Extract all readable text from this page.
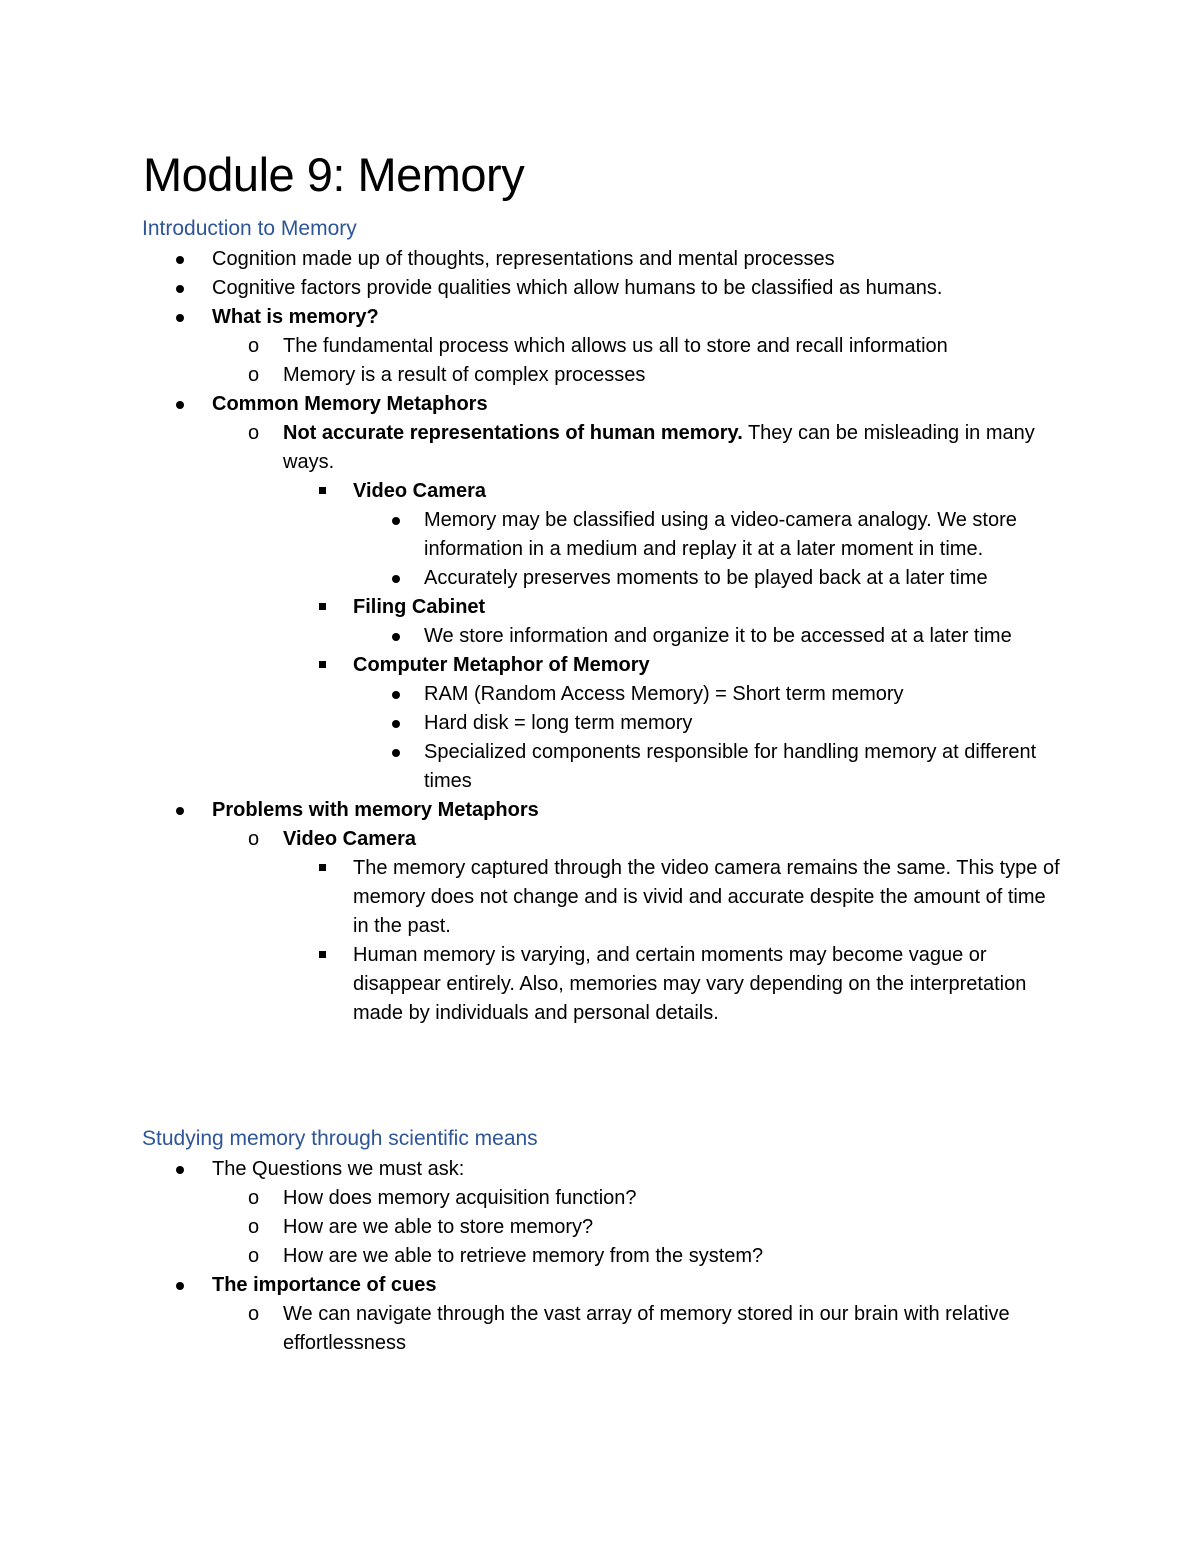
Module 9: Memory
Introduction to Memory
Cognition made up of thoughts, representations and mental processes
Cognitive factors provide qualities which allow humans to be classified as humans.
What is memory?
o The fundamental process which allows us all to store and recall information
o Memory is a result of complex processes
Common Memory Metaphors
o Not accurate representations of human memory. They can be misleading in many ways.
Video Camera
Memory may be classified using a video-camera analogy. We store information in a medium and replay it at a later moment in time.
Accurately preserves moments to be played back at a later time
Filing Cabinet
We store information and organize it to be accessed at a later time
Computer Metaphor of Memory
RAM (Random Access Memory) = Short term memory
Hard disk = long term memory
Specialized components responsible for handling memory at different times
Problems with memory Metaphors
o Video Camera
The memory captured through the video camera remains the same. This type of memory does not change and is vivid and accurate despite the amount of time in the past.
Human memory is varying, and certain moments may become vague or disappear entirely. Also, memories may vary depending on the interpretation made by individuals and personal details.
Studying memory through scientific means
The Questions we must ask:
o How does memory acquisition function?
o How are we able to store memory?
o How are we able to retrieve memory from the system?
The importance of cues
o We can navigate through the vast array of memory stored in our brain with relative effortlessness
